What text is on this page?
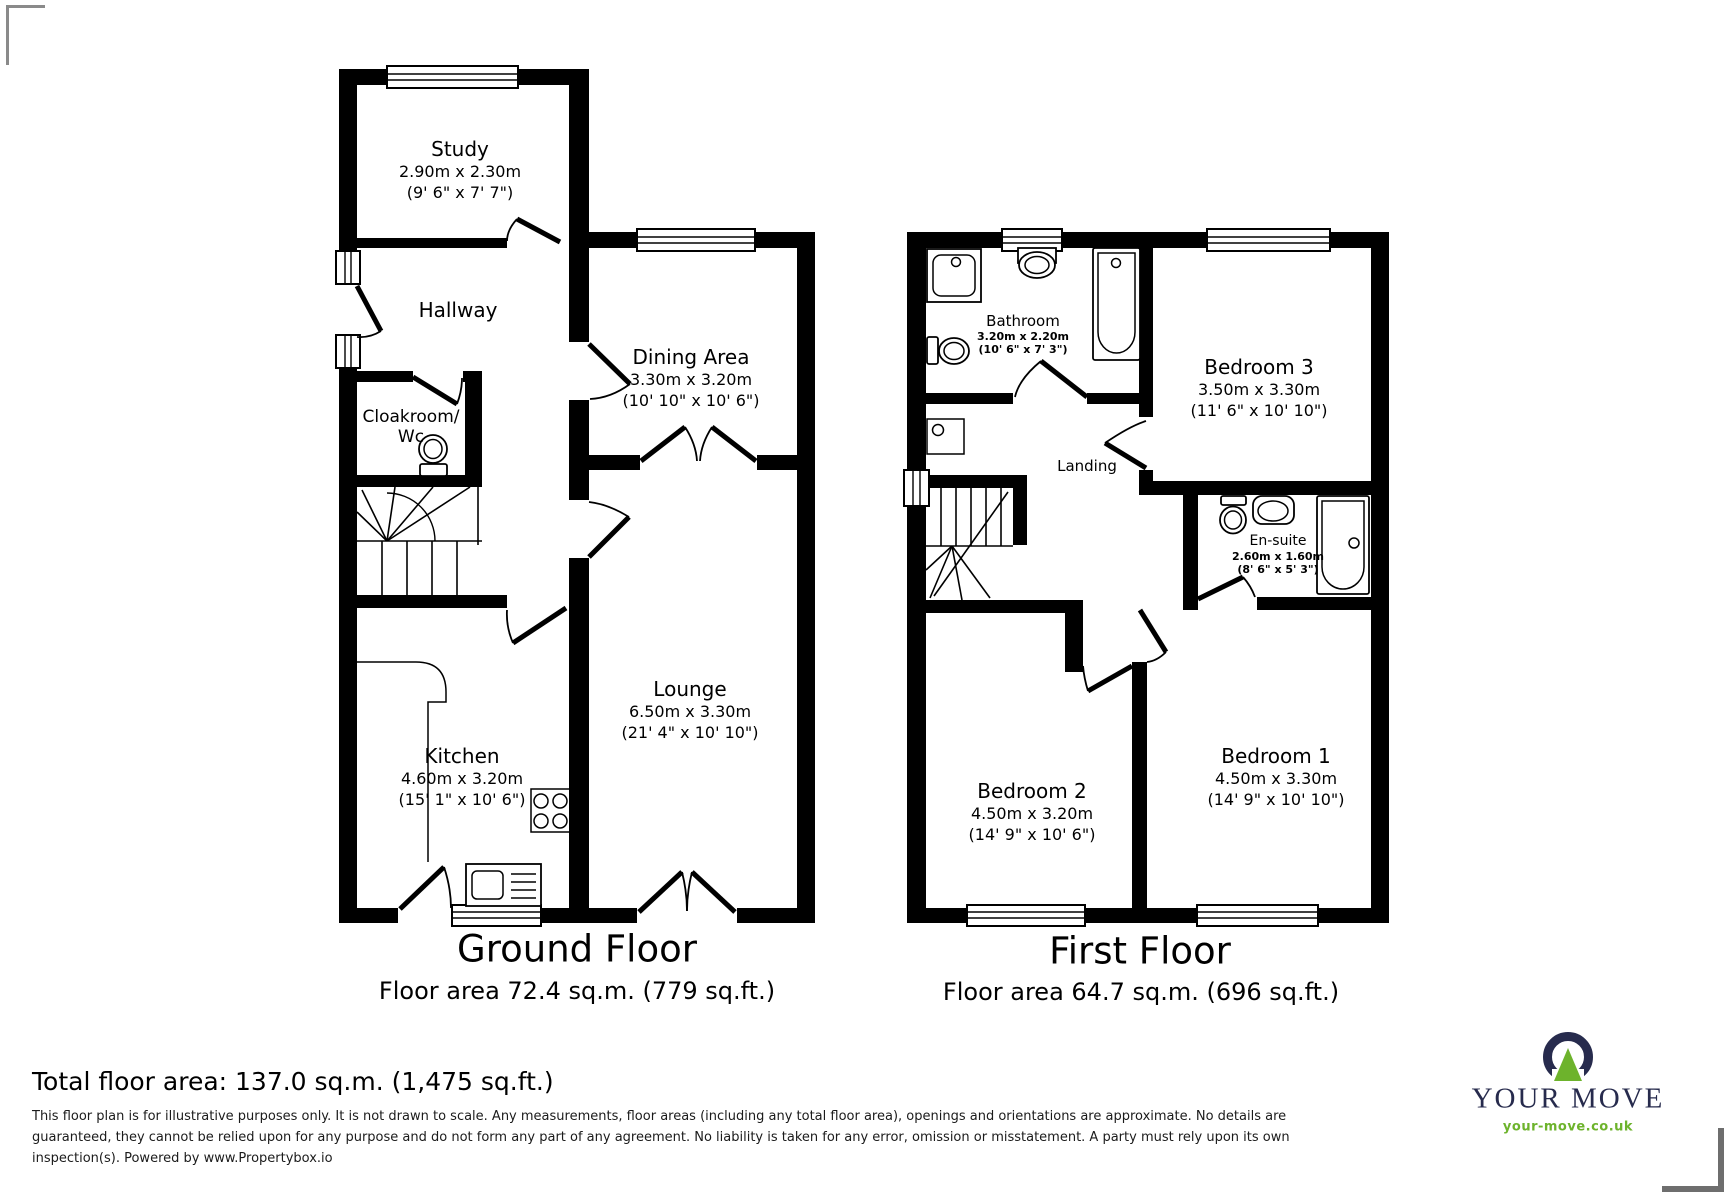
Study
2.90m x 2.30m
(9' 6" x 7' 7")
Hallway
Dining Area
3.30m x 3.20m
(10' 10" x 10' 6")
Cloakroom/
Wc
Kitchen
4.60m x 3.20m
(15' 1" x 10' 6")
Lounge
6.50m x 3.30m
(21' 4" x 10' 10")
Bathroom
3.20m x 2.20m
(10' 6" x 7' 3")
Bedroom 3
3.50m x 3.30m
(11' 6" x 10' 10")
Landing
En-suite
2.60m x 1.60m
(8' 6" x 5' 3")
Bedroom 2
4.50m x 3.20m
(14' 9" x 10' 6")
Bedroom 1
4.50m x 3.30m
(14' 9" x 10' 10")
Ground Floor
Floor area 72.4 sq.m. (779 sq.ft.)
First Floor
Floor area 64.7 sq.m. (696 sq.ft.)
Total floor area: 137.0 sq.m. (1,475 sq.ft.)
This floor plan is for illustrative purposes only. It is not drawn to scale. Any measurements, floor areas (including any total floor area), openings and orientations are approximate. No details are
guaranteed, they cannot be relied upon for any purpose and do not form any part of any agreement. No liability is taken for any error, omission or misstatement. A party must rely upon its own
inspection(s). Powered by www.Propertybox.io
YOUR MOVE
your-move.co.uk
